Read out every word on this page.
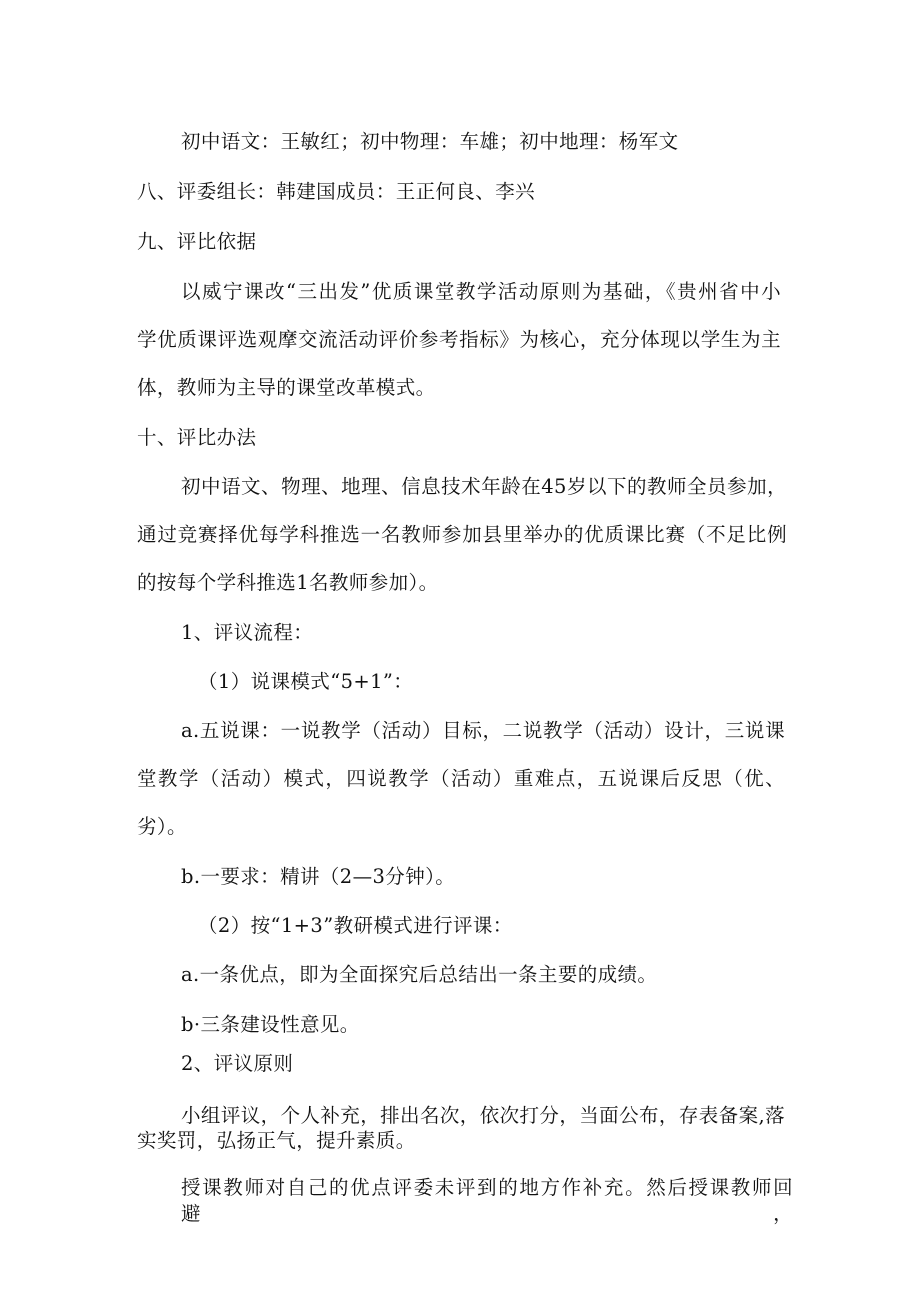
初中语文：王敏红；初中物理：车雄；初中地理：杨军文
八、评委组长：韩建国成员：王正何良、李兴
九、评比依据
以威宁课改“三出发”优质课堂教学活动原则为基础，《贵州省中小
学优质课评选观摩交流活动评价参考指标》为核心，充分体现以学生为主
体，教师为主导的课堂改革模式。
十、评比办法
初中语文、物理、地理、信息技术年龄在45岁以下的教师全员参加，
通过竞赛择优每学科推选一名教师参加县里举办的优质课比赛（不足比例
的按每个学科推选1名教师参加）。
1、评议流程：
（1）说课模式“5+1”：
a.五说课：一说教学（活动）目标，二说教学（活动）设计，三说课
堂教学（活动）模式，四说教学（活动）重难点，五说课后反思（优、
劣）。
b.一要求：精讲（2—3分钟）。
（2）按“1+3”教研模式进行评课：
a.一条优点，即为全面探究后总结出一条主要的成绩。
b·三条建设性意见。
2、评议原则
小组评议，个人补充，排出名次，依次打分，当面公布，存表备案,落
实奖罚，弘扬正气，提升素质。
授课教师对自己的优点评委未评到的地方作补充。然后授课教师回避，
